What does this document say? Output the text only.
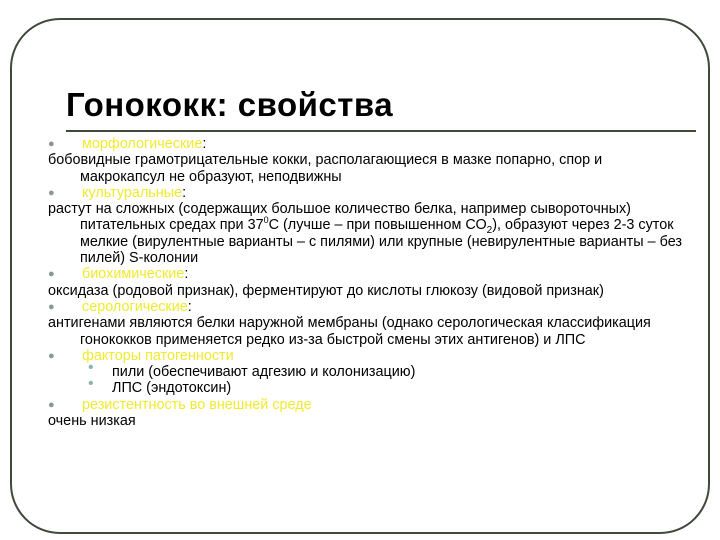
Гонококк: свойства
● морфологические:
бобовидные грамотрицательные кокки, располагающиеся в мазке попарно, спор и макрокапсул не образуют, неподвижны
● культуральные:
растут на сложных (содержащих большое количество белка, например сывороточных) питательных средах при $37^0С$ (лучше – при повышенном $СО_2$), образуют через 2-3 суток мелкие (вирулентные варианты – с пилями) или крупные (невирулентные варианты – без пилей) S-колонии
● биохимические:
оксидаза (родовой признак), ферментируют до кислоты глюкозу (видовой признак)
● серологические:
антигенами являются белки наружной мембраны (однако серологическая классификация гонококков применяется редко из-за быстрой смены этих антигенов) и ЛПС
● факторы патогенности
• пили (обеспечивают адгезию и колонизацию)
• ЛПС (эндотоксин)
● резистентность во внешней среде
очень низкая
